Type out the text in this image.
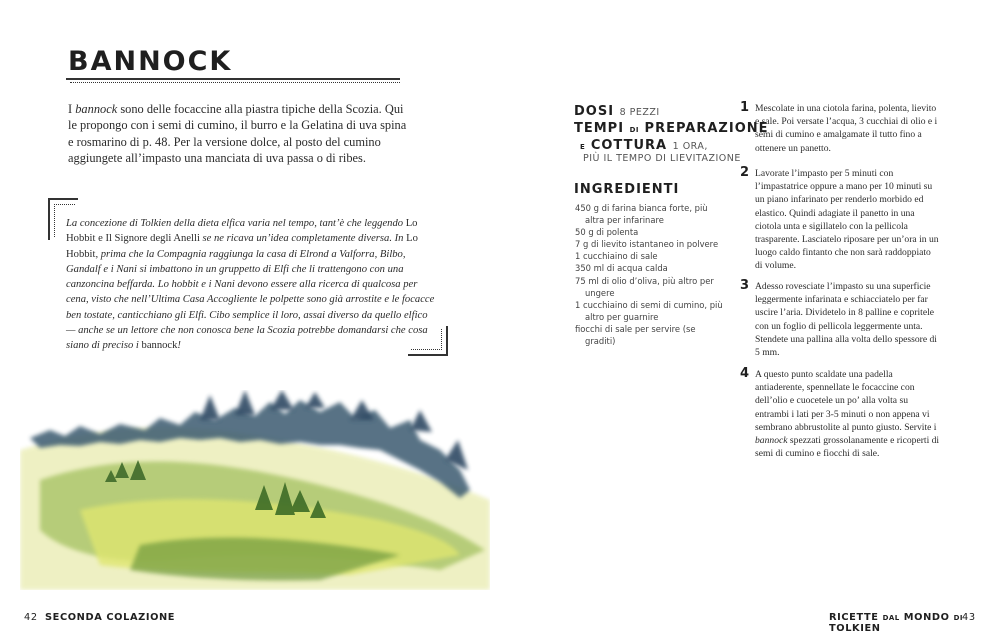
BANNOCK
I bannock sono delle focaccine alla piastra tipiche della Scozia. Qui le propongo con i semi di cumino, il burro e la Gelatina di uva spina e rosmarino di p. 48. Per la versione dolce, al posto del cumino aggiungete all’impasto una manciata di uva passa o di ribes.
La concezione di Tolkien della dieta elfica varia nel tempo, tant’è che leggendo Lo Hobbit e Il Signore degli Anelli se ne ricava un’idea completamente diversa. In Lo Hobbit, prima che la Compagnia raggiunga la casa di Elrond a Valforra, Bilbo, Gandalf e i Nani si imbattono in un gruppetto di Elfi che li trattengono con una canzoncina beffarda. Lo hobbit e i Nani devono essere alla ricerca di qualcosa per cena, visto che nell’Ultima Casa Accogliente le polpette sono già arrostite e le focacce ben tostate, canticchiano gli Elfi. Cibo semplice il loro, assai diverso da quello elfico — anche se un lettore che non conosca bene la Scozia potrebbe domandarsi che cosa siano di preciso i bannock!
DOSI 8 PEZZI
TEMPI DI PREPARAZIONE
E COTTURA 1 ORA,
PIÙ IL TEMPO DI LIEVITAZIONE
INGREDIENTI
450 g di farina bianca forte, più altra per infarinare
50 g di polenta
7 g di lievito istantaneo in polvere
1 cucchiaino di sale
350 ml di acqua calda
75 ml di olio d’oliva, più altro per ungere
1 cucchiaino di semi di cumino, più altro per guarnire
fiocchi di sale per servire (se graditi)
1 Mescolate in una ciotola farina, polenta, lievito e sale. Poi versate l’acqua, 3 cucchiai di olio e i semi di cumino e amalgamate il tutto fino a ottenere un panetto.
2 Lavorate l’impasto per 5 minuti con l’impastatrice oppure a mano per 10 minuti su un piano infarinato per renderlo morbido ed elastico. Quindi adagiate il panetto in una ciotola unta e sigillatelo con la pellicola trasparente. Lasciatelo riposare per un’ora in un luogo caldo fintanto che non sarà raddoppiato di volume.
3 Adesso rovesciate l’impasto su una superficie leggermente infarinata e schiacciatelo per far uscire l’aria. Dividetelo in 8 palline e copritele con un foglio di pellicola leggermente unta. Stendete una pallina alla volta dello spessore di 5 mm.
4 A questo punto scaldate una padella antiaderente, spennellate le focaccine con dell’olio e cuocetele un po’ alla volta su entrambi i lati per 3-5 minuti o non appena vi sembrano abbrustolite al punto giusto. Servite i bannock spezzati grossolanamente e ricoperti di semi di cumino e fiocchi di sale.
42 SECONDA COLAZIONE	RICETTE DAL MONDO DI TOLKIEN
43
